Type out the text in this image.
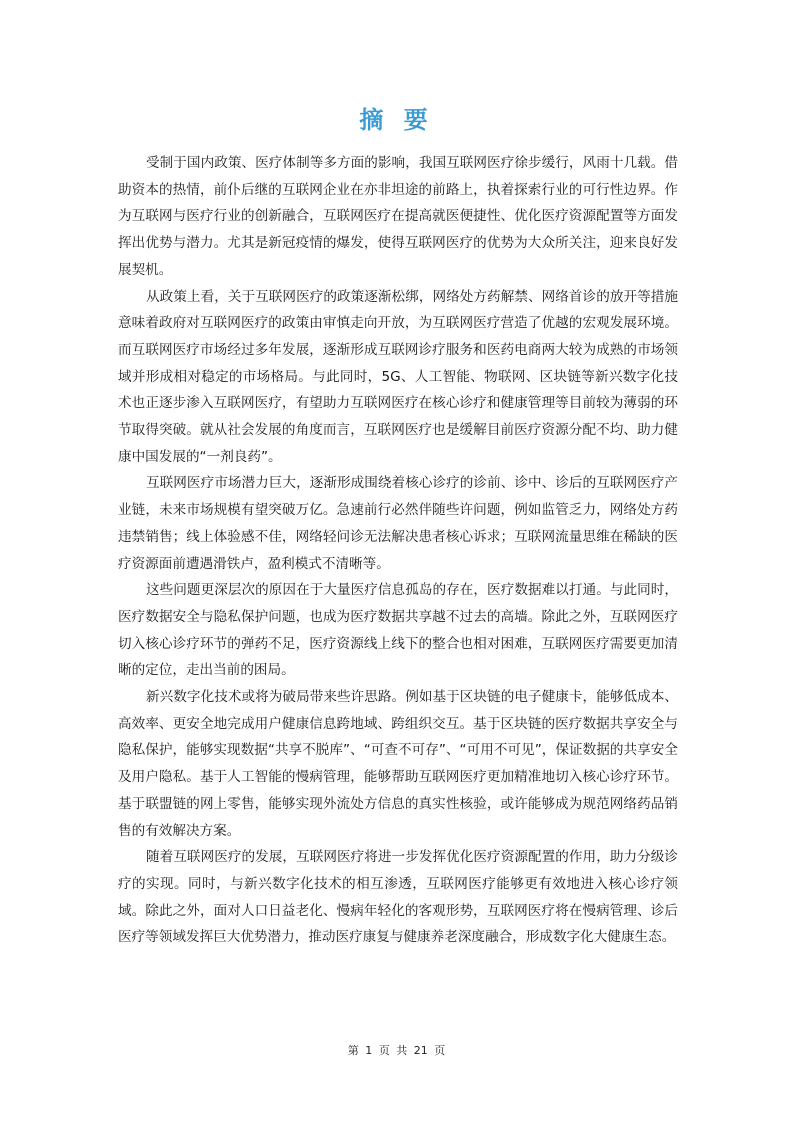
摘 要

受制于国内政策、医疗体制等多方面的影响，我国互联网医疗徐步缓行，风雨十几载。借助资本的热情，前仆后继的互联网企业在亦非坦途的前路上，执着探索行业的可行性边界。作为互联网与医疗行业的创新融合，互联网医疗在提高就医便捷性、优化医疗资源配置等方面发挥出优势与潜力。尤其是新冠疫情的爆发，使得互联网医疗的优势为大众所关注，迎来良好发展契机。

从政策上看，关于互联网医疗的政策逐渐松绑，网络处方药解禁、网络首诊的放开等措施意味着政府对互联网医疗的政策由审慎走向开放，为互联网医疗营造了优越的宏观发展环境。而互联网医疗市场经过多年发展，逐渐形成互联网诊疗服务和医药电商两大较为成熟的市场领域并形成相对稳定的市场格局。与此同时，5G、人工智能、物联网、区块链等新兴数字化技术也正逐步渗入互联网医疗，有望助力互联网医疗在核心诊疗和健康管理等目前较为薄弱的环节取得突破。就从社会发展的角度而言，互联网医疗也是缓解目前医疗资源分配不均、助力健康中国发展的“一剂良药”。

互联网医疗市场潜力巨大，逐渐形成围绕着核心诊疗的诊前、诊中、诊后的互联网医疗产业链，未来市场规模有望突破万亿。急速前行必然伴随些许问题，例如监管乏力，网络处方药违禁销售；线上体验感不佳，网络轻问诊无法解决患者核心诉求；互联网流量思维在稀缺的医疗资源面前遭遇滑铁卢，盈利模式不清晰等。

这些问题更深层次的原因在于大量医疗信息孤岛的存在，医疗数据难以打通。与此同时，医疗数据安全与隐私保护问题，也成为医疗数据共享越不过去的高墙。除此之外，互联网医疗切入核心诊疗环节的弹药不足，医疗资源线上线下的整合也相对困难，互联网医疗需要更加清晰的定位，走出当前的困局。

新兴数字化技术或将为破局带来些许思路。例如基于区块链的电子健康卡，能够低成本、高效率、更安全地完成用户健康信息跨地域、跨组织交互。基于区块链的医疗数据共享安全与隐私保护，能够实现数据“共享不脱库”、“可查不可存”、“可用不可见”，保证数据的共享安全及用户隐私。基于人工智能的慢病管理，能够帮助互联网医疗更加精准地切入核心诊疗环节。基于联盟链的网上零售，能够实现外流处方信息的真实性核验，或许能够成为规范网络药品销售的有效解决方案。

随着互联网医疗的发展，互联网医疗将进一步发挥优化医疗资源配置的作用，助力分级诊疗的实现。同时，与新兴数字化技术的相互渗透，互联网医疗能够更有效地进入核心诊疗领域。除此之外，面对人口日益老化、慢病年轻化的客观形势，互联网医疗将在慢病管理、诊后医疗等领域发挥巨大优势潜力，推动医疗康复与健康养老深度融合，形成数字化大健康生态。

第 1 页 共 21 页
